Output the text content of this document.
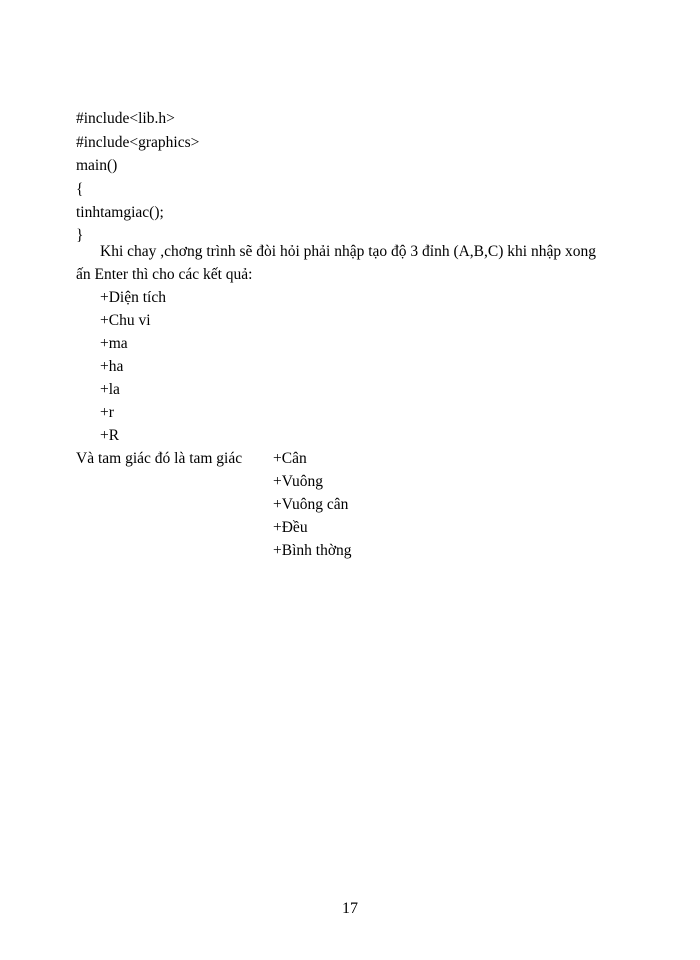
#include<lib.h>
#include<graphics>
main()
{
tinhtamgiac();
}
Khi chay ,chơng trình sẽ đòi hỏi phải nhập tạo độ 3 đỉnh (A,B,C) khi nhập xong
ấn Enter thì cho các kết quả:
+Diện tích
+Chu vi
+ma
+ha
+la
+r
+R
Và tam giác đó là tam giác +Cân
+Vuông
+Vuông cân
+Đều
+Bình thờng
17
